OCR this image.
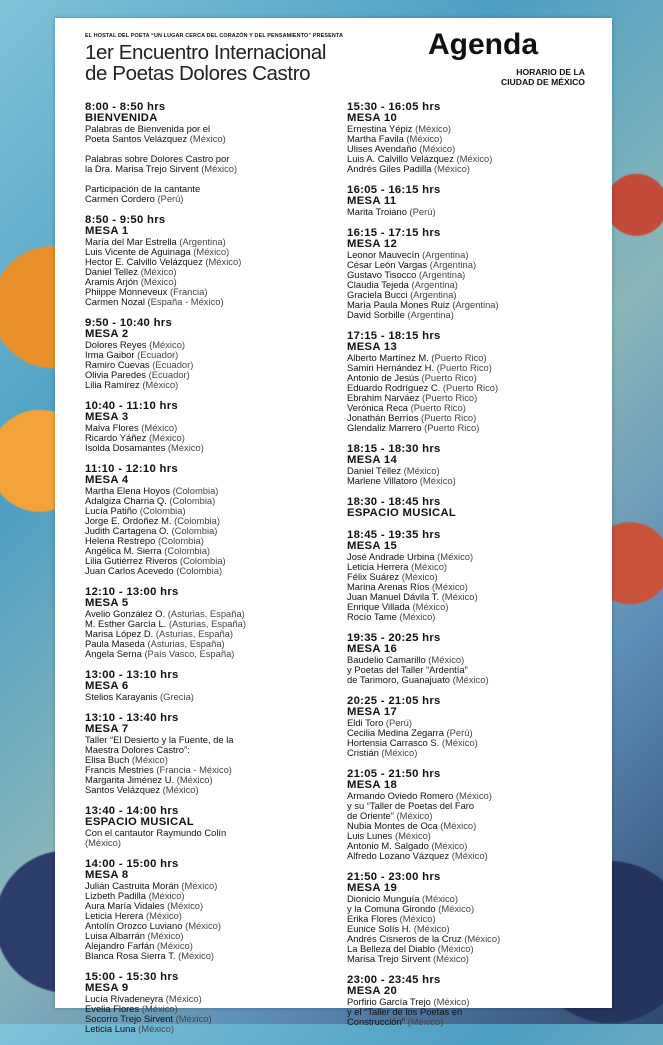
EL HOSTAL DEL POETA “UN LUGAR CERCA DEL CORAZÓN Y DEL PENSAMIENTO” PRESENTA
1er Encuentro Internacional
de Poetas Dolores Castro
Agenda
HORARIO DE LA
CIUDAD DE MÉXICO
8:00 - 8:50 hrs
BIENVENIDA
Palabras de Bienvenida por el
Poeta Santos Velázquez (México)

Palabras sobre Dolores Castro por
la Dra. Marisa Trejo Sirvent (México)

Participación de la cantante
Carmen Cordero (Perú)
8:50 - 9:50 hrs
MESA 1
María del Mar Estrella (Argentina)
Luis Vicente de Aguinaga (México)
Hector E. Calvillo Velázquez (México)
Daniel Tellez (México)
Aramis Arjón (México)
Phiippe Monneveux (Francia)
Carmen Nozal (España - México)
9:50 - 10:40 hrs
MESA 2
Dolores Reyes (México)
Irma Gaibor (Ecuador)
Ramiro Cuevas (Ecuador)
Olivia Paredes (Ecuador)
Lilia Ramírez (México)
10:40 - 11:10 hrs
MESA 3
Malva Flores (México)
Ricardo Yáñez (México)
Isolda Dosamantes (México)
11:10 - 12:10 hrs
MESA 4
Martha Elena Hoyos (Colombia)
Adalgiza Charria Q. (Colombia)
Lucía Patiño (Colombia)
Jorge E. Ordoñez M. (Colombia)
Judith Cartagena O. (Colombia)
Helena Restrepo (Colombia)
Angélica M. Sierra (Colombia)
Lilia Gutiérrez Riveros (Colombia)
Juan Carlos Acevedo (Colombia)
12:10 - 13:00 hrs
MESA 5
Avelio González O. (Asturias, España)
M. Esther García L. (Asturias, España)
Marisa López D. (Asturias, España)
Paula Maseda (Asturias, España)
Angela Serna (País Vasco, España)
13:00 - 13:10 hrs
MESA 6
Stelios Karayanis (Grecia)
13:10 - 13:40 hrs
MESA 7
Taller “El Desierto y la Fuente, de la
Maestra Dolores Castro”:
Elisa Buch (México)
Francis Mestries (Francia - México)
Margarita Jiménez U. (México)
Santos Velázquez (México)
13:40 - 14:00 hrs
ESPACIO MUSICAL
Con el cantautor Raymundo Colín
(México)
14:00 - 15:00 hrs
MESA 8
Julián Castruita Morán (México)
Lizbeth Padilla (México)
Aura María Vidales (México)
Leticia Herera (México)
Antolín Orozco Luviano (México)
Luisa Albarrán (México)
Alejandro Farfán (México)
Blanca Rosa Sierra T. (México)
15:00 - 15:30 hrs
MESA 9
Lucía Rivadeneyra (México)
Evelia Flores (México)
Socorro Trejo Sirvent (México)
Leticia Luna (México)
15:30 - 16:05 hrs
MESA 10
Ernestina Yépiz (México)
Martha Favila (México)
Ulises Avendaño (México)
Luis A. Calvillo Velázquez (México)
Andrés Giles Padilla (México)
16:05 - 16:15 hrs
MESA 11
Marita Troiano (Perú)
16:15 - 17:15 hrs
MESA 12
Leonor Mauvecín (Argentina)
César León Vargas (Argentina)
Gustavo Tisocco (Argentina)
Claudia Tejeda (Argentina)
Graciela Bucci (Argentina)
María Paula Mones Ruiz (Argentina)
David Sorbille (Argentina)
17:15 - 18:15 hrs
MESA 13
Alberto Martínez M. (Puerto Rico)
Samiri Hernández H. (Puerto Rico)
Antonio de Jesús (Puerto Rico)
Eduardo Rodríguez C. (Puerto Rico)
Ebrahim Narváez (Puerto Rico)
Verónica Reca (Puerto Rico)
Jonathán Berríos (Puerto Rico)
Glendaliz Marrero (Puerto Rico)
18:15 - 18:30 hrs
MESA 14
Daniel Téllez (México)
Marlene Villatoro (México)
18:30 - 18:45 hrs
ESPACIO MUSICAL
18:45 - 19:35 hrs
MESA 15
José Andrade Urbina (México)
Leticia Herrera (México)
Félix Suárez (México)
Marina Arenas Ríos (México)
Juan Manuel Dávila T. (México)
Enrique Villada (México)
Rocío Tame (México)
19:35 - 20:25 hrs
MESA 16
Baudelio Camarillo (México)
y Poetas del Taller “Ardentía”
de Tarimoro, Guanajuato (México)
20:25 - 21:05 hrs
MESA 17
Eldi Toro (Perú)
Cecilia Medina Zegarra (Perú)
Hortensia Carrasco S. (México)
Cristián (México)
21:05 - 21:50 hrs
MESA 18
Armando Oviedo Romero (México)
y su “Taller de Poetas del Faro
de Oriente” (México)
Nubia Montes de Oca (México)
Luis Lunes (México)
Antonio M. Salgado (México)
Alfredo Lozano Vázquez (México)
21:50 - 23:00 hrs
MESA 19
Dionicio Munguía (México)
y la Comuna Girondo (México)
Erika Flores (México)
Eunice Solís H. (México)
Andrés Cisneros de la Cruz (México)
La Belleza del Diablo (México)
Marisa Trejo Sirvent (México)
23:00 - 23:45 hrs
MESA 20
Porfirio García Trejo (México)
y el “Taller de los Poetas en
Construcción” (México)
